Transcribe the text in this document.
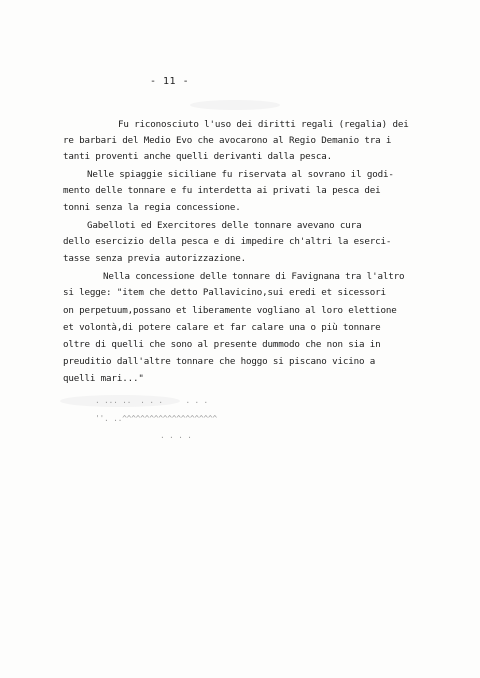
- 11 -
Fu riconosciuto l'uso dei diritti regali (regalia) dei
re barbari del Medio Evo che avocarono al Regio Demanio tra i
tanti proventi anche quelli derivanti dalla pesca.
Nelle spiaggie siciliane fu riservata al sovrano il godi-
mento delle tonnare e fu interdetta ai privati la pesca dei
tonni senza la regia concessione.
Gabelloti ed Exercitores delle tonnare avevano cura
dello esercizio della pesca e di impedire ch'altri la eserci-
tasse senza previa autorizzazione.
Nella concessione delle tonnare di Favignana tra l'altro
si legge: "item che detto Pallavicino,sui eredi et sicessori
on perpetuum,possano et liberamente vogliano al loro elettione
et volontà,di potere calare et far calare una o più tonnare
oltre di quelli che sono al presente dummodo che non sia in
preuditio dall'altre tonnare che hoggo si piscano vicino a
quelli mari..."
. ... ..  . . .     . . .
''. ..^^^^^^^^^^^^^^^^^^^^^
. . . .
